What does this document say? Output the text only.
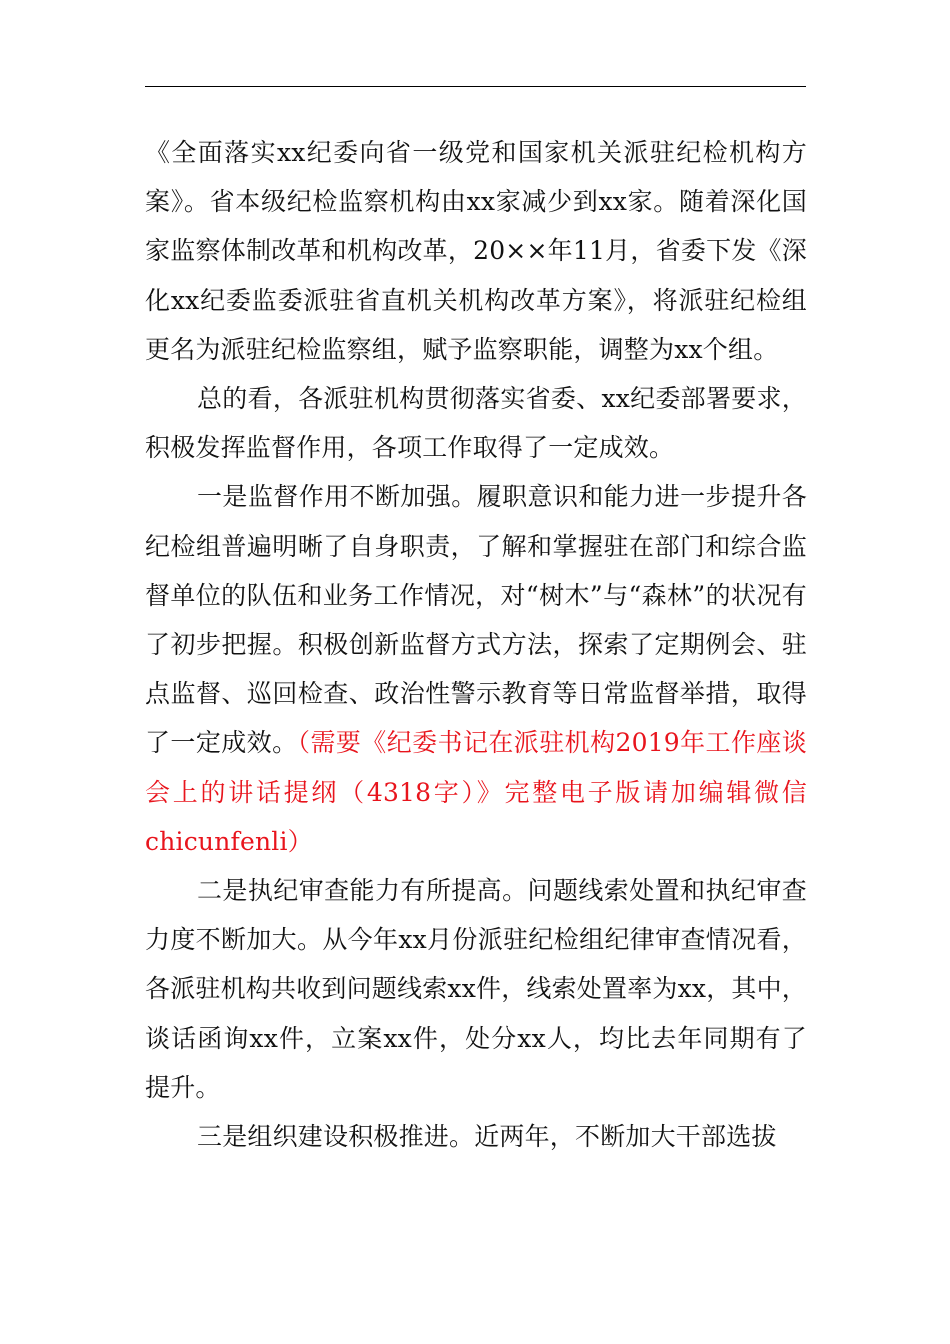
《全面落实xx纪委向省一级党和国家机关派驻纪检机构方案》。省本级纪检监察机构由xx家减少到xx家。随着深化国家监察体制改革和机构改革，20××年11月，省委下发《深化xx纪委监委派驻省直机关机构改革方案》，将派驻纪检组更名为派驻纪检监察组，赋予监察职能，调整为xx个组。

总的看，各派驻机构贯彻落实省委、xx纪委部署要求，积极发挥监督作用，各项工作取得了一定成效。

一是监督作用不断加强。履职意识和能力进一步提升各纪检组普遍明晰了自身职责，了解和掌握驻在部门和综合监督单位的队伍和业务工作情况，对“树木”与“森林”的状况有了初步把握。积极创新监督方式方法，探索了定期例会、驻点监督、巡回检查、政治性警示教育等日常监督举措，取得了一定成效。（需要《纪委书记在派驻机构2019年工作座谈会上的讲话提纲（4318字）》完整电子版请加编辑微信chicunfenli）

二是执纪审查能力有所提高。问题线索处置和执纪审查力度不断加大。从今年xx月份派驻纪检组纪律审查情况看，各派驻机构共收到问题线索xx件，线索处置率为xx，其中，谈话函询xx件，立案xx件，处分xx人，均比去年同期有了提升。

三是组织建设积极推进。近两年，不断加大干部选拔
